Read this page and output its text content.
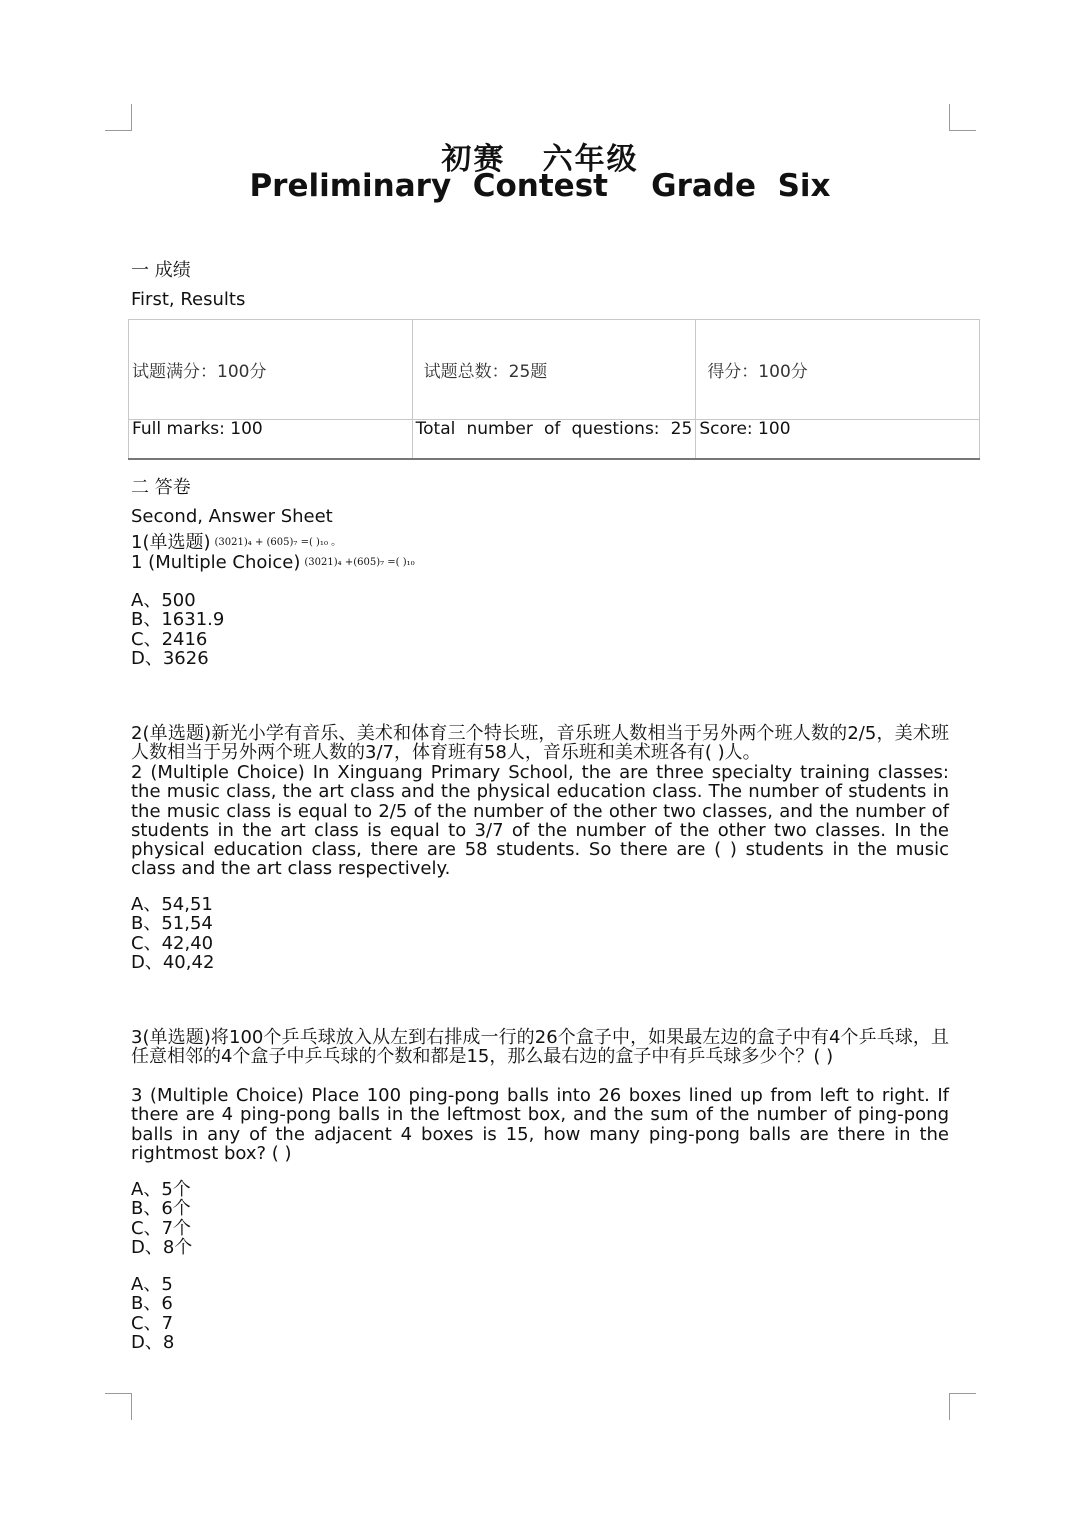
初赛   六年级
Preliminary  Contest    Grade  Six
一 成绩
First, Results
试题满分：100分	试题总数：25题	得分：100分
Full marks: 100	Total number of questions: 25	Score: 100
二 答卷
Second, Answer Sheet
1(单选题) (3021)₄ + (605)₇ =( )₁₀ 。
1 (Multiple Choice) (3021)₄ +(605)₇ =( )₁₀
A、500
B、1631.9
C、2416
D、3626
2(单选题)新光小学有音乐、美术和体育三个特长班，音乐班人数相当于另外两个班人数的2/5，美术班人数相当于另外两个班人数的3/7，体育班有58人，音乐班和美术班各有( )人。
2 (Multiple Choice) In Xinguang Primary School, the are three specialty training classes: the music class, the art class and the physical education class. The number of students in the music class is equal to 2/5 of the number of the other two classes, and the number of students in the art class is equal to 3/7 of the number of the other two classes. In the physical education class, there are 58 students. So there are ( ) students in the music class and the art class respectively.
A、54,51
B、51,54
C、42,40
D、40,42
3(单选题)将100个乒乓球放入从左到右排成一行的26个盒子中，如果最左边的盒子中有4个乒乓球，且任意相邻的4个盒子中乒乓球的个数和都是15，那么最右边的盒子中有乒乓球多少个？( )
3 (Multiple Choice) Place 100 ping-pong balls into 26 boxes lined up from left to right. If there are 4 ping-pong balls in the leftmost box, and the sum of the number of ping-pong balls in any of the adjacent 4 boxes is 15, how many ping-pong balls are there in the rightmost box? ( )
A、5个
B、6个
C、7个
D、8个
A、5
B、6
C、7
D、8
